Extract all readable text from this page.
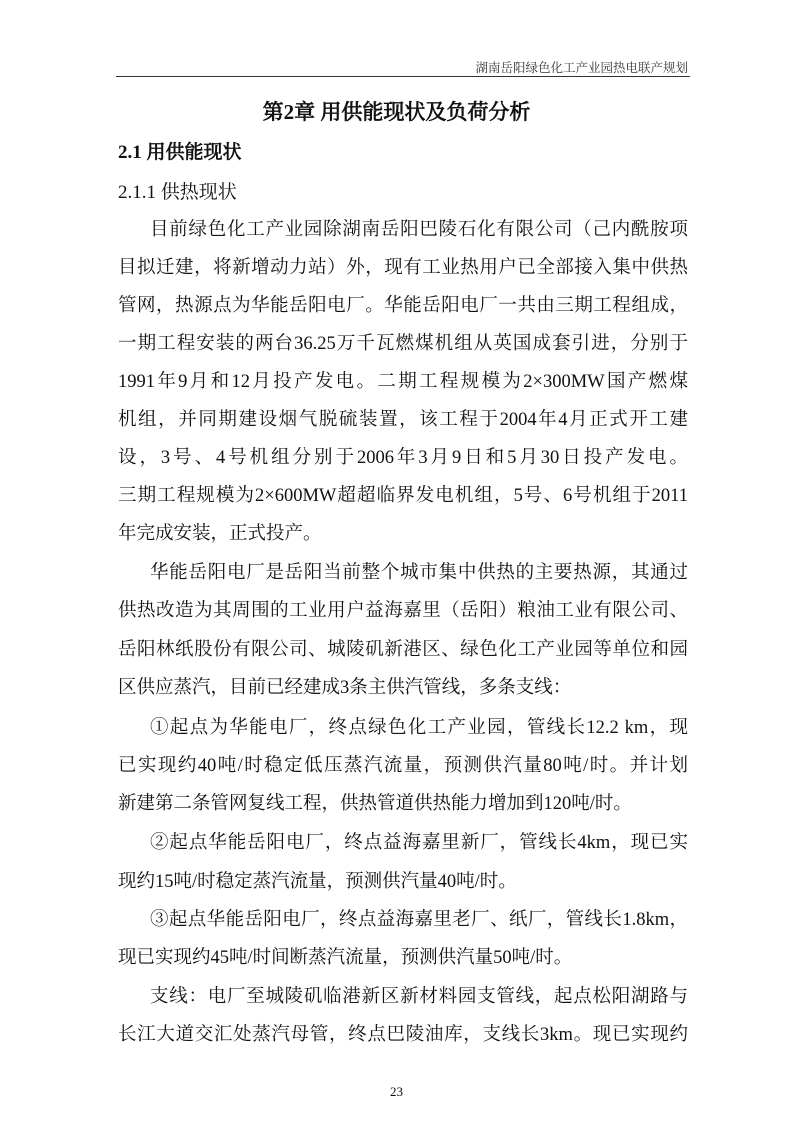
湖南岳阳绿色化工产业园热电联产规划
第2章 用供能现状及负荷分析
2.1 用供能现状
2.1.1 供热现状
目前绿色化工产业园除湖南岳阳巴陵石化有限公司（己内酰胺项
目拟迁建，将新增动力站）外，现有工业热用户已全部接入集中供热
管网，热源点为华能岳阳电厂。华能岳阳电厂一共由三期工程组成，
一期工程安装的两台36.25万千瓦燃煤机组从英国成套引进，分别于
1991年9月和12月投产发电。二期工程规模为2×300MW国产燃煤
机组，并同期建设烟气脱硫装置，该工程于2004年4月正式开工建
设，3号、4号机组分别于2006年3月9日和5月30日投产发电。
三期工程规模为2×600MW超超临界发电机组，5号、6号机组于2011
年完成安装，正式投产。
华能岳阳电厂是岳阳当前整个城市集中供热的主要热源，其通过
供热改造为其周围的工业用户益海嘉里（岳阳）粮油工业有限公司、
岳阳林纸股份有限公司、城陵矶新港区、绿色化工产业园等单位和园
区供应蒸汽，目前已经建成3条主供汽管线，多条支线：
①起点为华能电厂，终点绿色化工产业园，管线长12.2 km，现
已实现约40吨/时稳定低压蒸汽流量，预测供汽量80吨/时。并计划
新建第二条管网复线工程，供热管道供热能力增加到120吨/时。
②起点华能岳阳电厂，终点益海嘉里新厂，管线长4km，现已实
现约15吨/时稳定蒸汽流量，预测供汽量40吨/时。
③起点华能岳阳电厂，终点益海嘉里老厂、纸厂，管线长1.8km，
现已实现约45吨/时间断蒸汽流量，预测供汽量50吨/时。
支线：电厂至城陵矶临港新区新材料园支管线，起点松阳湖路与
长江大道交汇处蒸汽母管，终点巴陵油库，支线长3km。现已实现约
23
